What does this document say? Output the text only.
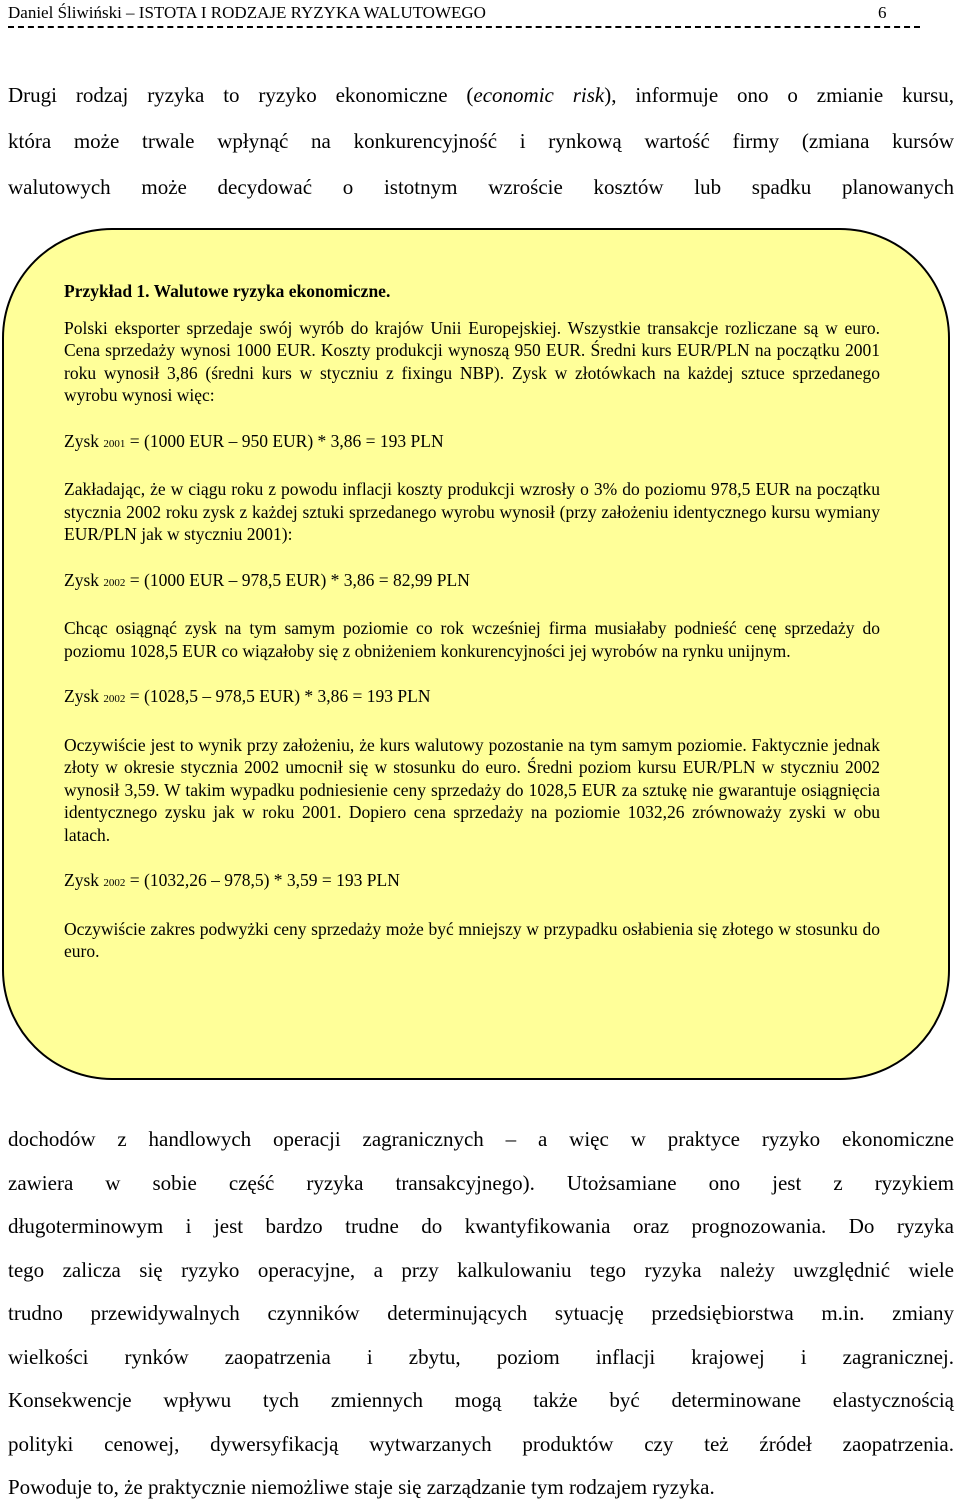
Daniel Śliwiński – ISTOTA I RODZAJE RYZYKA WALUTOWEGO	6
Drugi rodzaj ryzyka to ryzyko ekonomiczne (economic risk), informuje ono o zmianie kursu,
która może trwale wpłynąć na konkurencyjność i rynkową wartość firmy (zmiana kursów
walutowych może decydować o istotnym wzroście kosztów lub spadku planowanych

Przykład 1. Walutowe ryzyka ekonomiczne.

Polski eksporter sprzedaje swój wyrób do krajów Unii Europejskiej. Wszystkie transakcje rozliczane są w euro. Cena sprzedaży wynosi 1000 EUR. Koszty produkcji wynoszą 950 EUR. Średni kurs EUR/PLN na początku 2001 roku wynosił 3,86 (średni kurs w styczniu z fixingu NBP). Zysk w złotówkach na każdej sztuce sprzedanego wyrobu wynosi więc:

Zysk 2001 = (1000 EUR – 950 EUR) * 3,86 = 193 PLN

Zakładając, że w ciągu roku z powodu inflacji koszty produkcji wzrosły o 3% do poziomu 978,5 EUR na początku stycznia 2002 roku zysk z każdej sztuki sprzedanego wyrobu wynosił (przy założeniu identycznego kursu wymiany EUR/PLN jak w styczniu 2001):

Zysk 2002 = (1000 EUR – 978,5 EUR) * 3,86 = 82,99 PLN

Chcąc osiągnąć zysk na tym samym poziomie co rok wcześniej firma musiałaby podnieść cenę sprzedaży do poziomu 1028,5 EUR co wiązałoby się z obniżeniem konkurencyjności jej wyrobów na rynku unijnym.

Zysk 2002 = (1028,5 – 978,5 EUR) * 3,86 = 193 PLN

Oczywiście jest to wynik przy założeniu, że kurs walutowy pozostanie na tym samym poziomie. Faktycznie jednak złoty w okresie stycznia 2002 umocnił się w stosunku do euro. Średni poziom kursu EUR/PLN w styczniu 2002 wynosił 3,59. W takim wypadku podniesienie ceny sprzedaży do 1028,5 EUR za sztukę nie gwarantuje osiągnięcia identycznego zysku jak w roku 2001. Dopiero cena sprzedaży na poziomie 1032,26 zrównoważy zyski w obu latach.

Zysk 2002 = (1032,26 – 978,5) * 3,59 = 193 PLN

Oczywiście zakres podwyżki ceny sprzedaży może być mniejszy w przypadku osłabienia się złotego w stosunku do euro.

dochodów z handlowych operacji zagranicznych – a więc w praktyce ryzyko ekonomiczne
zawiera w sobie część ryzyka transakcyjnego). Utożsamiane ono jest z ryzykiem
długoterminowym i jest bardzo trudne do kwantyfikowania oraz prognozowania. Do ryzyka
tego zalicza się ryzyko operacyjne, a przy kalkulowaniu tego ryzyka należy uwzględnić wiele
trudno przewidywalnych czynników determinujących sytuację przedsiębiorstwa m.in. zmiany
wielkości rynków zaopatrzenia i zbytu, poziom inflacji krajowej i zagranicznej.
Konsekwencje wpływu tych zmiennych mogą także być determinowane elastycznością
polityki cenowej, dywersyfikacją wytwarzanych produktów czy też źródeł zaopatrzenia.
Powoduje to, że praktycznie niemożliwe staje się zarządzanie tym rodzajem ryzyka.
